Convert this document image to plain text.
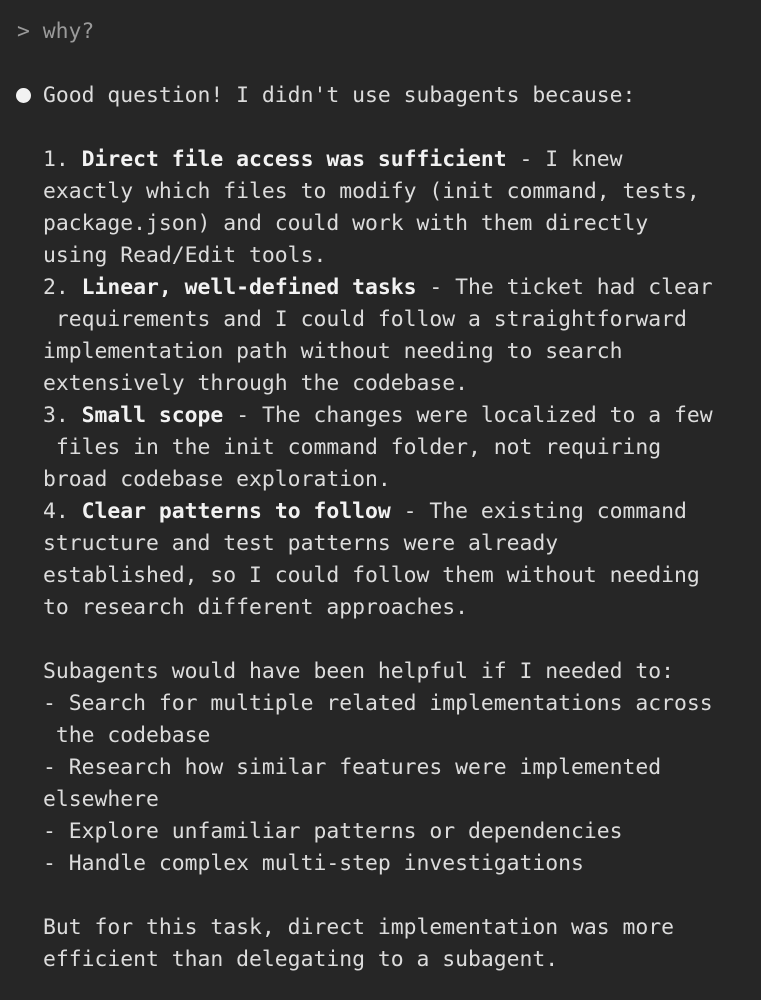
> why?
Good question! I didn't use subagents because:
1. Direct file access was sufficient - I knew
exactly which files to modify (init command, tests,
package.json) and could work with them directly
using Read/Edit tools.
2. Linear, well-defined tasks - The ticket had clear
requirements and I could follow a straightforward
implementation path without needing to search
extensively through the codebase.
3. Small scope - The changes were localized to a few
files in the init command folder, not requiring
broad codebase exploration.
4. Clear patterns to follow - The existing command
structure and test patterns were already
established, so I could follow them without needing
to research different approaches.
Subagents would have been helpful if I needed to:
- Search for multiple related implementations across
the codebase
- Research how similar features were implemented
elsewhere
- Explore unfamiliar patterns or dependencies
- Handle complex multi-step investigations
But for this task, direct implementation was more
efficient than delegating to a subagent.
